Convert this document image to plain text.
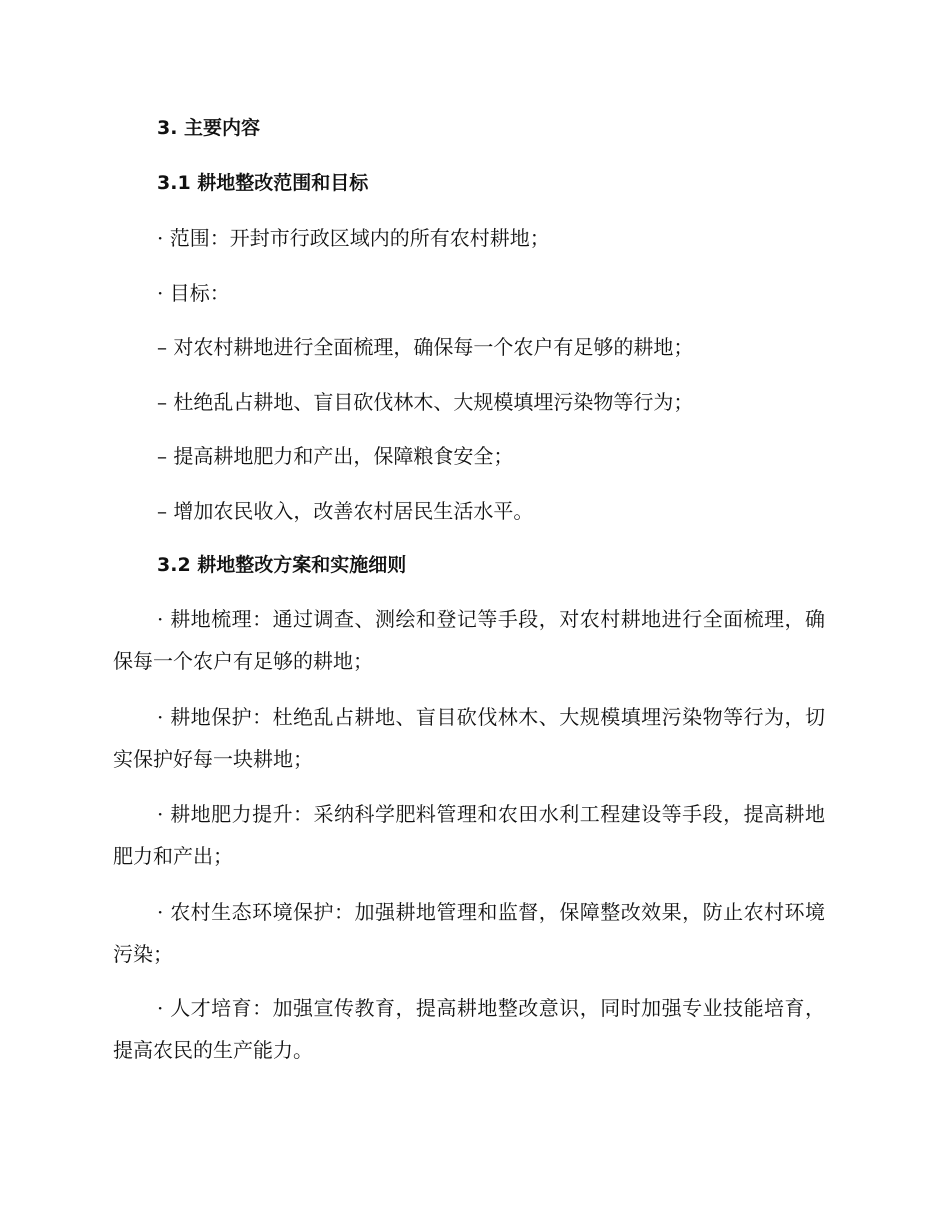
3. 主要内容
3.1 耕地整改范围和目标
· 范围：开封市行政区域内的所有农村耕地；
· 目标：
– 对农村耕地进行全面梳理，确保每一个农户有足够的耕地；
– 杜绝乱占耕地、盲目砍伐林木、大规模填埋污染物等行为；
– 提高耕地肥力和产出，保障粮食安全；
– 增加农民收入，改善农村居民生活水平。
3.2 耕地整改方案和实施细则
· 耕地梳理：通过调查、测绘和登记等手段，对农村耕地进行全面梳理，确保每一个农户有足够的耕地；
· 耕地保护：杜绝乱占耕地、盲目砍伐林木、大规模填埋污染物等行为，切实保护好每一块耕地；
· 耕地肥力提升：采纳科学肥料管理和农田水利工程建设等手段，提高耕地肥力和产出；
· 农村生态环境保护：加强耕地管理和监督，保障整改效果，防止农村环境污染；
· 人才培育：加强宣传教育，提高耕地整改意识，同时加强专业技能培育，提高农民的生产能力。
